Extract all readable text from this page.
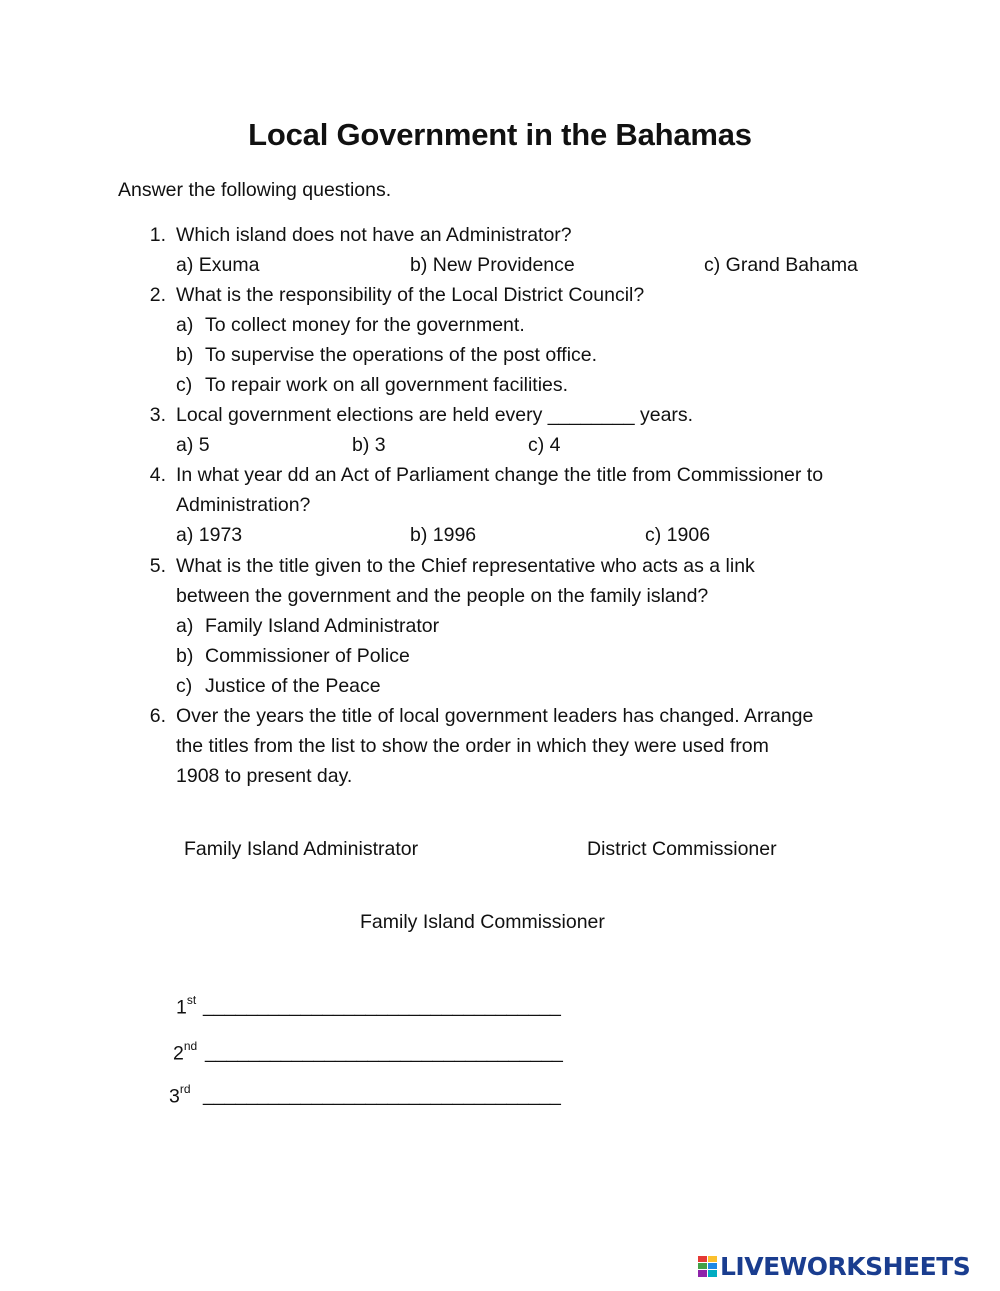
Local Government in the Bahamas
Answer the following questions.
1. Which island does not have an Administrator?
a) Exuma	b) New Providence	c) Grand Bahama
2. What is the responsibility of the Local District Council?
a) To collect money for the government.
b) To supervise the operations of the post office.
c) To repair work on all government facilities.
3. Local government elections are held every ________ years.
a) 5	b) 3	c) 4
4. In what year dd an Act of Parliament change the title from Commissioner to
Administration?
a) 1973	b) 1996	c) 1906
5. What is the title given to the Chief representative who acts as a link
between the government and the people on the family island?
a) Family Island Administrator
b) Commissioner of Police
c) Justice of the Peace
6. Over the years the title of local government leaders has changed. Arrange
the titles from the list to show the order in which they were used from
1908 to present day.
Family Island Administrator	District Commissioner
Family Island Commissioner
1st _________________________________
2nd _________________________________
3rd _________________________________
LIVEWORKSHEETS
